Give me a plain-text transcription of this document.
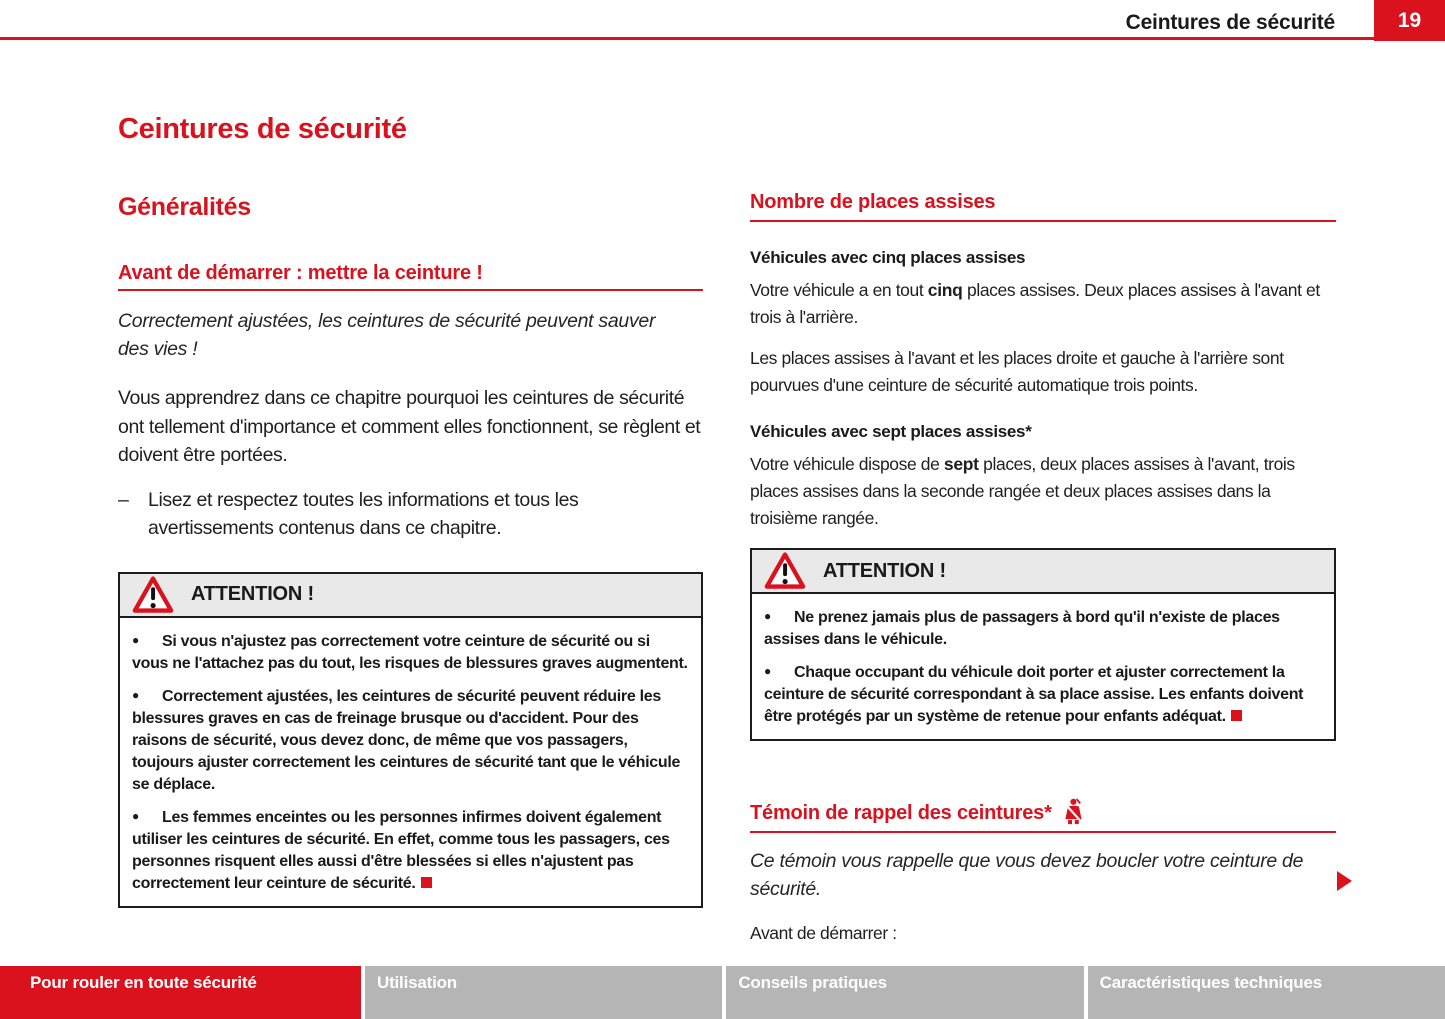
Ceintures de sécurité	19

Ceintures de sécurité

Généralités

Avant de démarrer : mettre la ceinture !

Correctement ajustées, les ceintures de sécurité peuvent sauver des vies !

Vous apprendrez dans ce chapitre pourquoi les ceintures de sécurité ont tellement d'importance et comment elles fonctionnent, se règlent et doivent être portées.

–	Lisez et respectez toutes les informations et tous les avertissements contenus dans ce chapitre.
ATTENTION !

● Si vous n'ajustez pas correctement votre ceinture de sécurité ou si vous ne l'attachez pas du tout, les risques de blessures graves augmentent.

● Correctement ajustées, les ceintures de sécurité peuvent réduire les blessures graves en cas de freinage brusque ou d'accident. Pour des raisons de sécurité, vous devez donc, de même que vos passagers, toujours ajuster correctement les ceintures de sécurité tant que le véhicule se déplace.

● Les femmes enceintes ou les personnes infirmes doivent également utiliser les ceintures de sécurité. En effet, comme tous les passagers, ces personnes risquent elles aussi d'être blessées si elles n'ajustent pas correctement leur ceinture de sécurité.

Nombre de places assises

Véhicules avec cinq places assises

Votre véhicule a en tout cinq places assises. Deux places assises à l'avant et trois à l'arrière.

Les places assises à l'avant et les places droite et gauche à l'arrière sont pourvues d'une ceinture de sécurité automatique trois points.

Véhicules avec sept places assises*

Votre véhicule dispose de sept places, deux places assises à l'avant, trois places assises dans la seconde rangée et deux places assises dans la troisième rangée.

ATTENTION !

● Ne prenez jamais plus de passagers à bord qu'il n'existe de places assises dans le véhicule.

● Chaque occupant du véhicule doit porter et ajuster correctement la ceinture de sécurité correspondant à sa place assise. Les enfants doivent être protégés par un système de retenue pour enfants adéquat.

Témoin de rappel des ceintures*

Ce témoin vous rappelle que vous devez boucler votre ceinture de sécurité.

Avant de démarrer :

Pour rouler en toute sécurité	Utilisation	Conseils pratiques	Caractéristiques techniques
